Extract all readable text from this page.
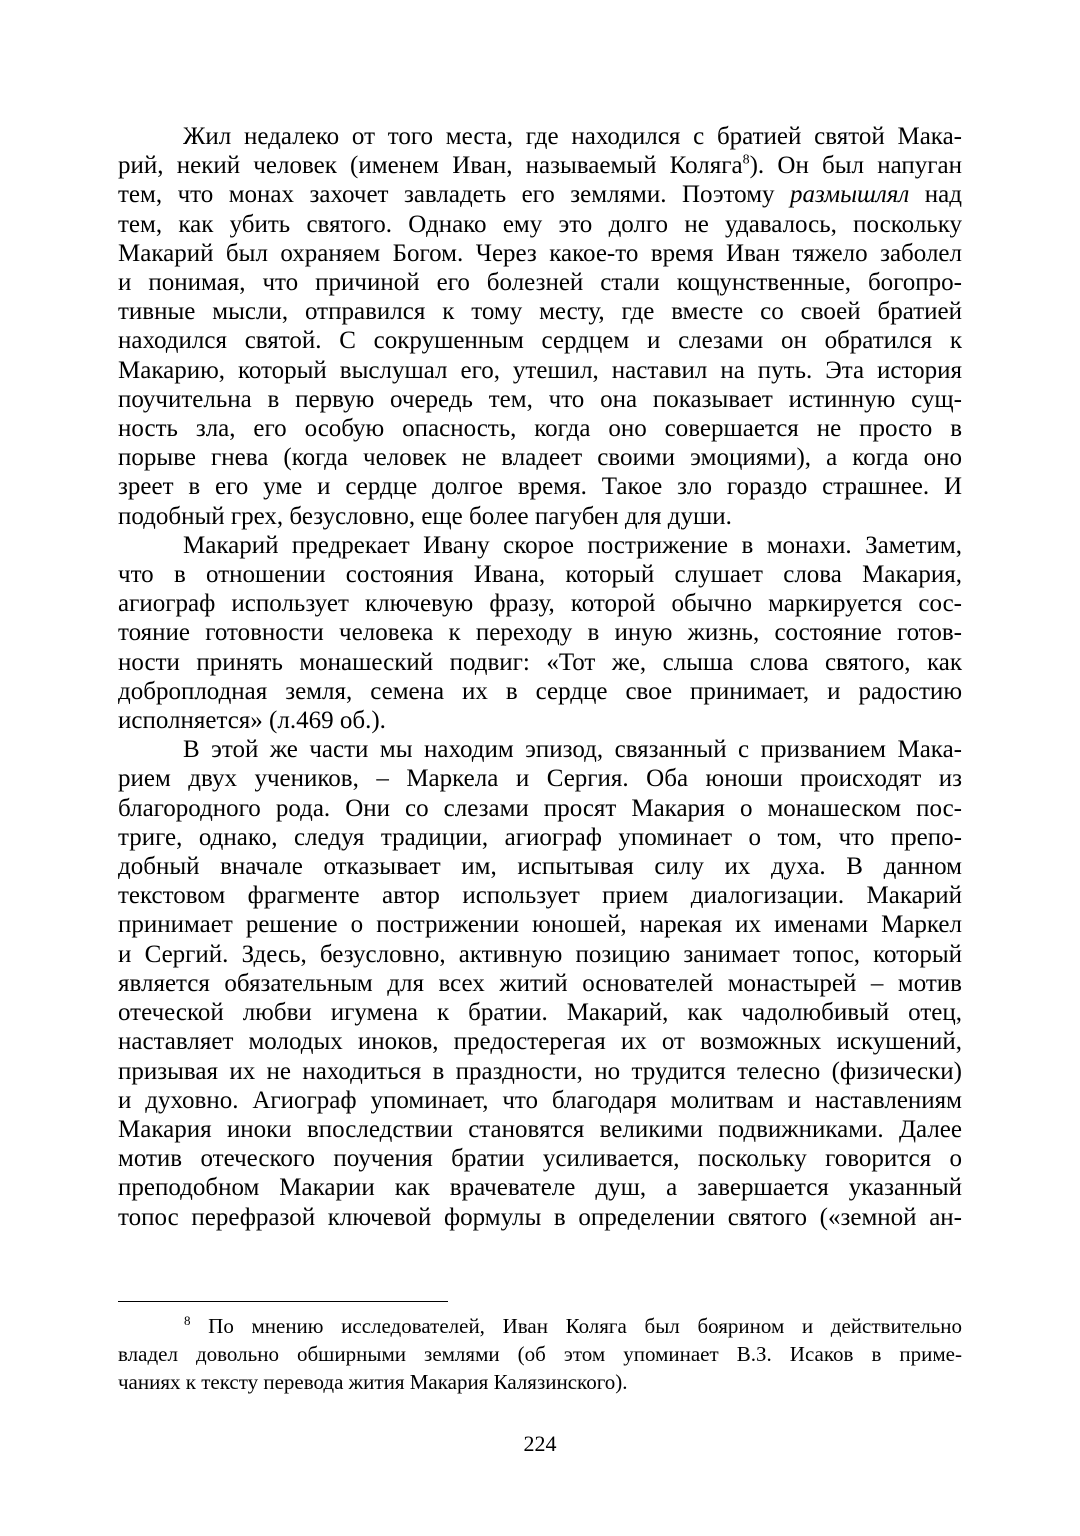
Жил недалеко от того места, где находился с братией святой Мака-
рий, некий человек (именем Иван, называемый Коляга$^8$). Он был напуган
тем, что монах захочет завладеть его землями. Поэтому размышлял над
тем, как убить святого. Однако ему это долго не удавалось, поскольку
Макарий был охраняем Богом. Через какое-то время Иван тяжело заболел
и понимая, что причиной его болезней стали кощунственные, богопро-
тивные мысли, отправился к тому месту, где вместе со своей братией
находился святой. С сокрушенным сердцем и слезами он обратился к
Макарию, который выслушал его, утешил, наставил на путь. Эта история
поучительна в первую очередь тем, что она показывает истинную сущ-
ность зла, его особую опасность, когда оно совершается не просто в
порыве гнева (когда человек не владеет своими эмоциями), а когда оно
зреет в его уме и сердце долгое время. Такое зло гораздо страшнее. И
подобный грех, безусловно, еще более пагубен для души.

Макарий предрекает Ивану скорое пострижение в монахи. Заметим,
что в отношении состояния Ивана, который слушает слова Макария,
агиограф использует ключевую фразу, которой обычно маркируется сос-
тояние готовности человека к переходу в иную жизнь, состояние готов-
ности принять монашеский подвиг: «Тот же, слыша слова святого, как
доброплодная земля, семена их в сердце свое принимает, и радостию
исполняется» (л.469 об.).

В этой же части мы находим эпизод, связанный с призванием Мака-
рием двух учеников, – Маркела и Сергия. Оба юноши происходят из
благородного рода. Они со слезами просят Макария о монашеском пос-
триге, однако, следуя традиции, агиограф упоминает о том, что препо-
добный вначале отказывает им, испытывая силу их духа. В данном
текстовом фрагменте автор использует прием диалогизации. Макарий
принимает решение о пострижении юношей, нарекая их именами Маркел
и Сергий. Здесь, безусловно, активную позицию занимает топос, который
является обязательным для всех житий основателей монастырей – мотив
отеческой любви игумена к братии. Макарий, как чадолюбивый отец,
наставляет молодых иноков, предостерегая их от возможных искушений,
призывая их не находиться в праздности, но трудится телесно (физически)
и духовно. Агиограф упоминает, что благодаря молитвам и наставлениям
Макария иноки впоследствии становятся великими подвижниками. Далее
мотив отеческого поучения братии усиливается, поскольку говорится о
преподобном Макарии как врачевателе душ, а завершается указанный
топос перефразой ключевой формулы в определении святого («земной ан-

$^8$ По мнению исследователей, Иван Коляга был боярином и действительно
владел довольно обширными землями (об этом упоминает В.З. Исаков в приме-
чаниях к тексту перевода жития Макария Калязинского).
224
